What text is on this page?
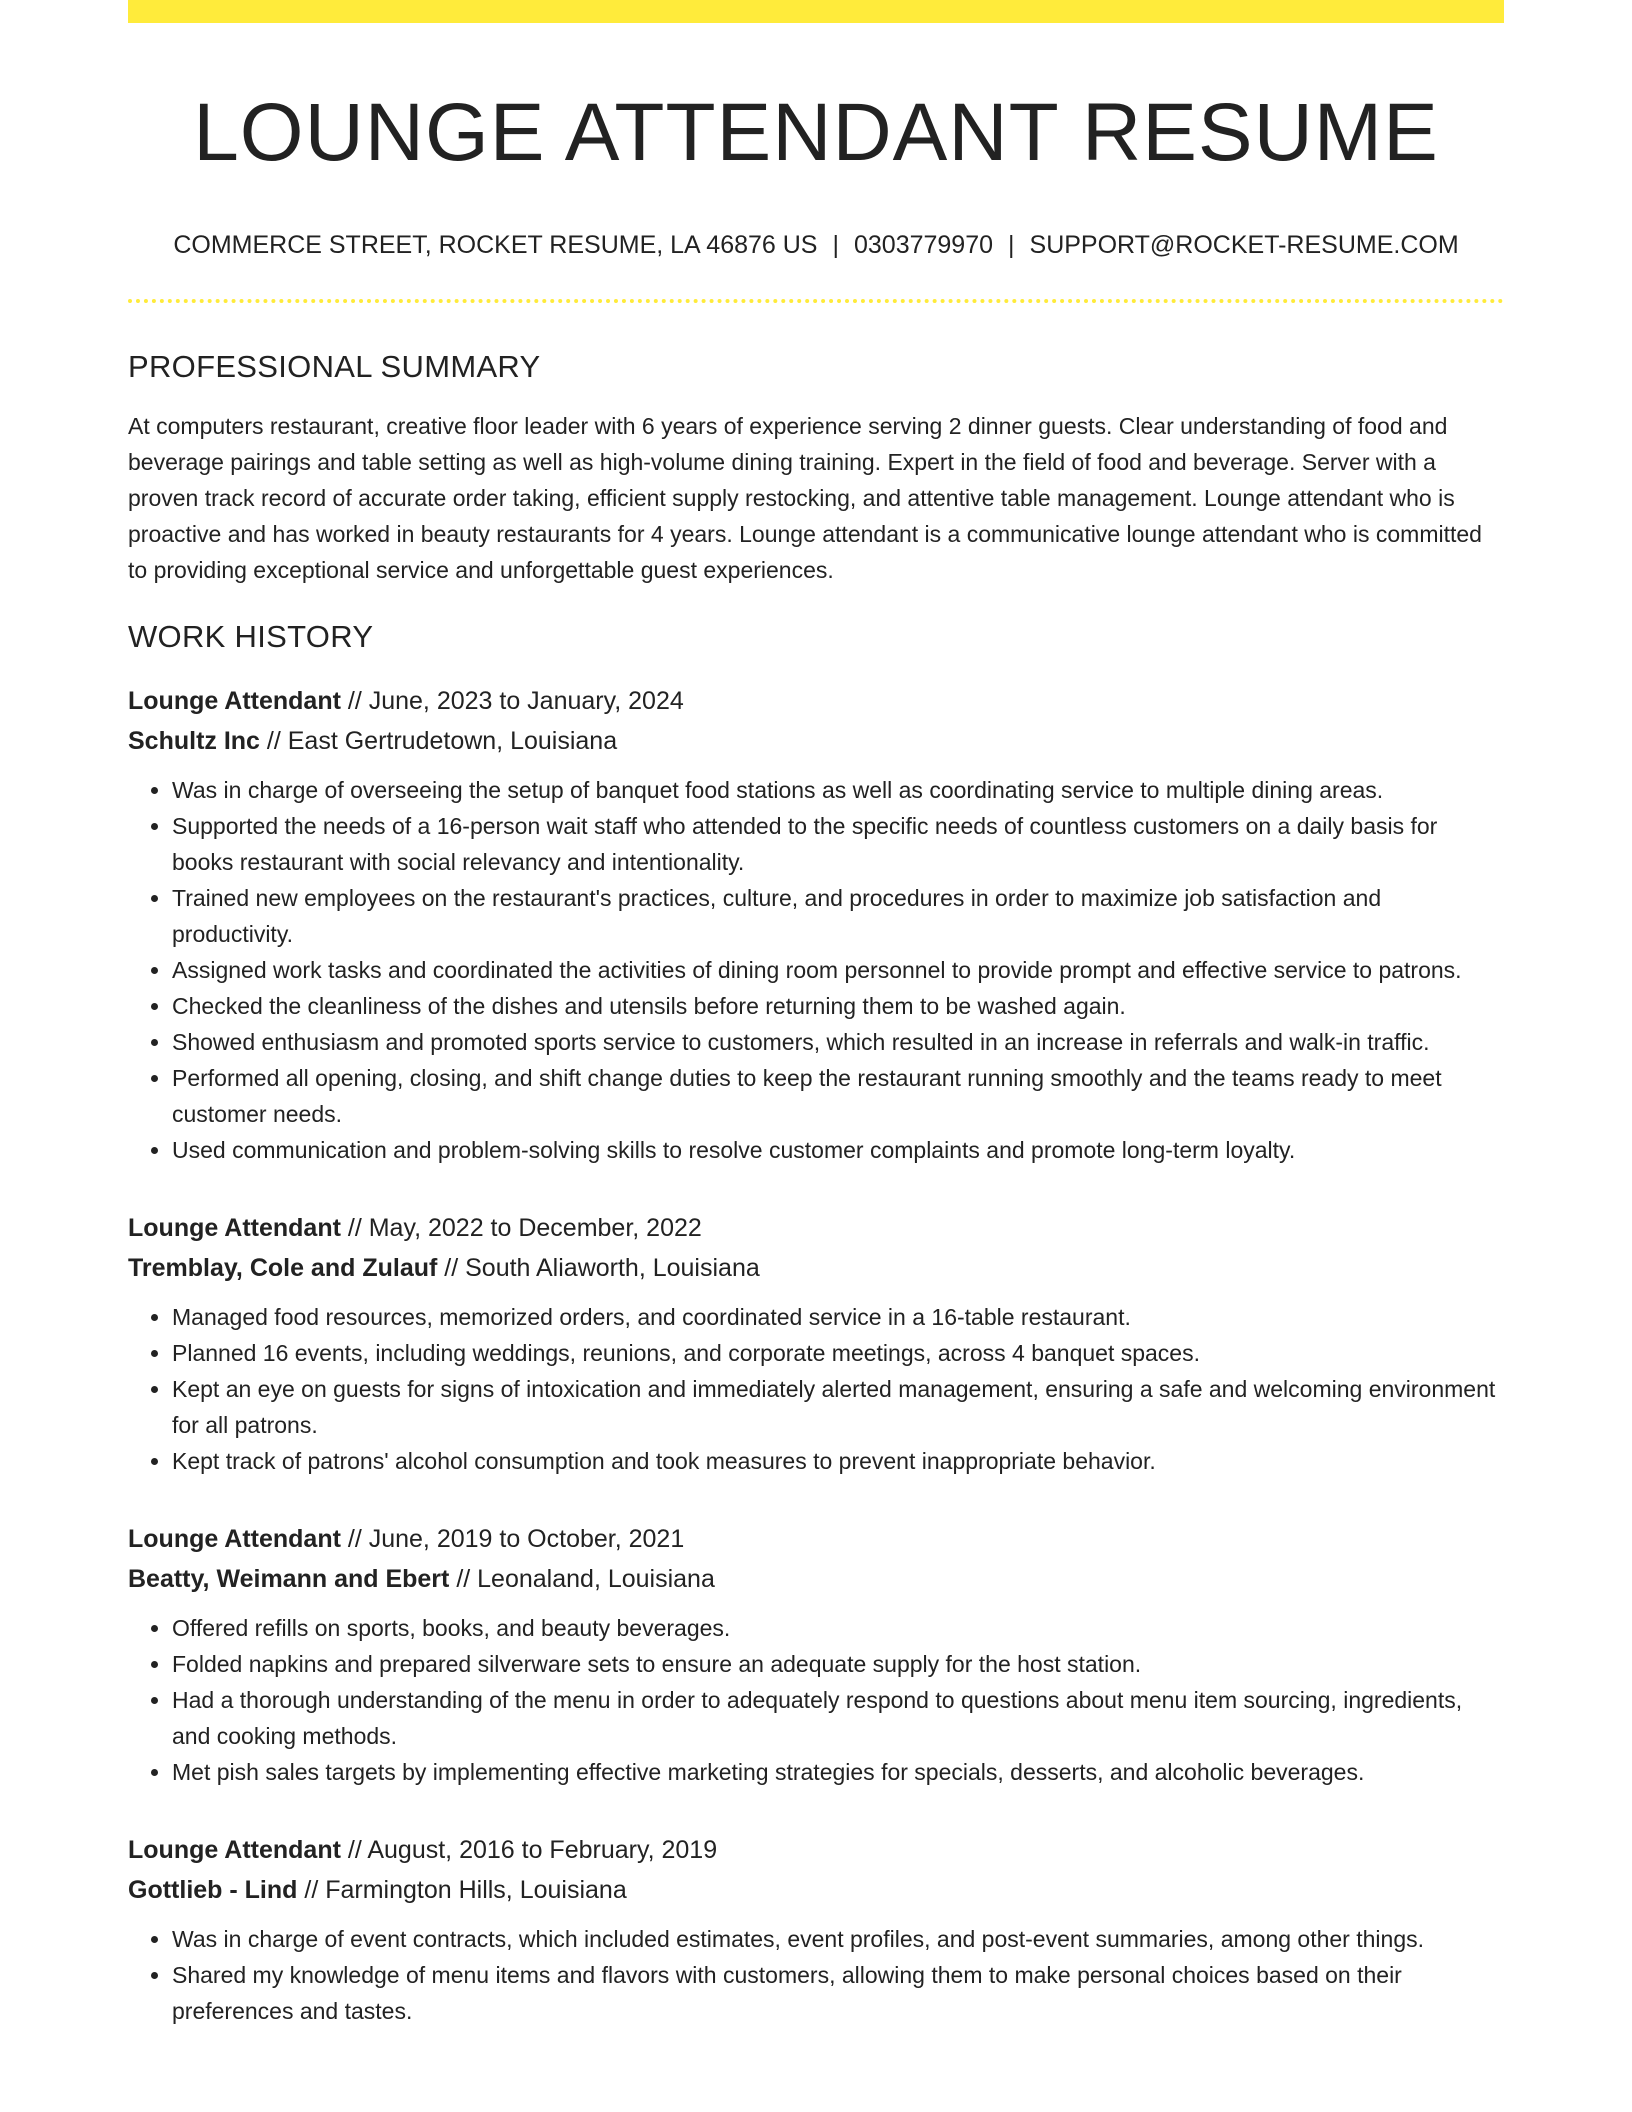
LOUNGE ATTENDANT RESUME
COMMERCE STREET, ROCKET RESUME, LA 46876 US | 0303779970 | SUPPORT@ROCKET-RESUME.COM
PROFESSIONAL SUMMARY

At computers restaurant, creative floor leader with 6 years of experience serving 2 dinner guests. Clear understanding of food and beverage pairings and table setting as well as high-volume dining training. Expert in the field of food and beverage. Server with a proven track record of accurate order taking, efficient supply restocking, and attentive table management. Lounge attendant who is proactive and has worked in beauty restaurants for 4 years. Lounge attendant is a communicative lounge attendant who is committed to providing exceptional service and unforgettable guest experiences.

WORK HISTORY
Lounge Attendant // June, 2023 to January, 2024
Schultz Inc // East Gertrudetown, Louisiana
• Was in charge of overseeing the setup of banquet food stations as well as coordinating service to multiple dining areas.
• Supported the needs of a 16-person wait staff who attended to the specific needs of countless customers on a daily basis for books restaurant with social relevancy and intentionality.
• Trained new employees on the restaurant's practices, culture, and procedures in order to maximize job satisfaction and productivity.
• Assigned work tasks and coordinated the activities of dining room personnel to provide prompt and effective service to patrons.
• Checked the cleanliness of the dishes and utensils before returning them to be washed again.
• Showed enthusiasm and promoted sports service to customers, which resulted in an increase in referrals and walk-in traffic.
• Performed all opening, closing, and shift change duties to keep the restaurant running smoothly and the teams ready to meet customer needs.
• Used communication and problem-solving skills to resolve customer complaints and promote long-term loyalty.
Lounge Attendant // May, 2022 to December, 2022
Tremblay, Cole and Zulauf // South Aliaworth, Louisiana
• Managed food resources, memorized orders, and coordinated service in a 16-table restaurant.
• Planned 16 events, including weddings, reunions, and corporate meetings, across 4 banquet spaces.
• Kept an eye on guests for signs of intoxication and immediately alerted management, ensuring a safe and welcoming environment for all patrons.
• Kept track of patrons' alcohol consumption and took measures to prevent inappropriate behavior.
Lounge Attendant // June, 2019 to October, 2021
Beatty, Weimann and Ebert // Leonaland, Louisiana
• Offered refills on sports, books, and beauty beverages.
• Folded napkins and prepared silverware sets to ensure an adequate supply for the host station.
• Had a thorough understanding of the menu in order to adequately respond to questions about menu item sourcing, ingredients, and cooking methods.
• Met pish sales targets by implementing effective marketing strategies for specials, desserts, and alcoholic beverages.
Lounge Attendant // August, 2016 to February, 2019
Gottlieb - Lind // Farmington Hills, Louisiana
• Was in charge of event contracts, which included estimates, event profiles, and post-event summaries, among other things.
• Shared my knowledge of menu items and flavors with customers, allowing them to make personal choices based on their preferences and tastes.
